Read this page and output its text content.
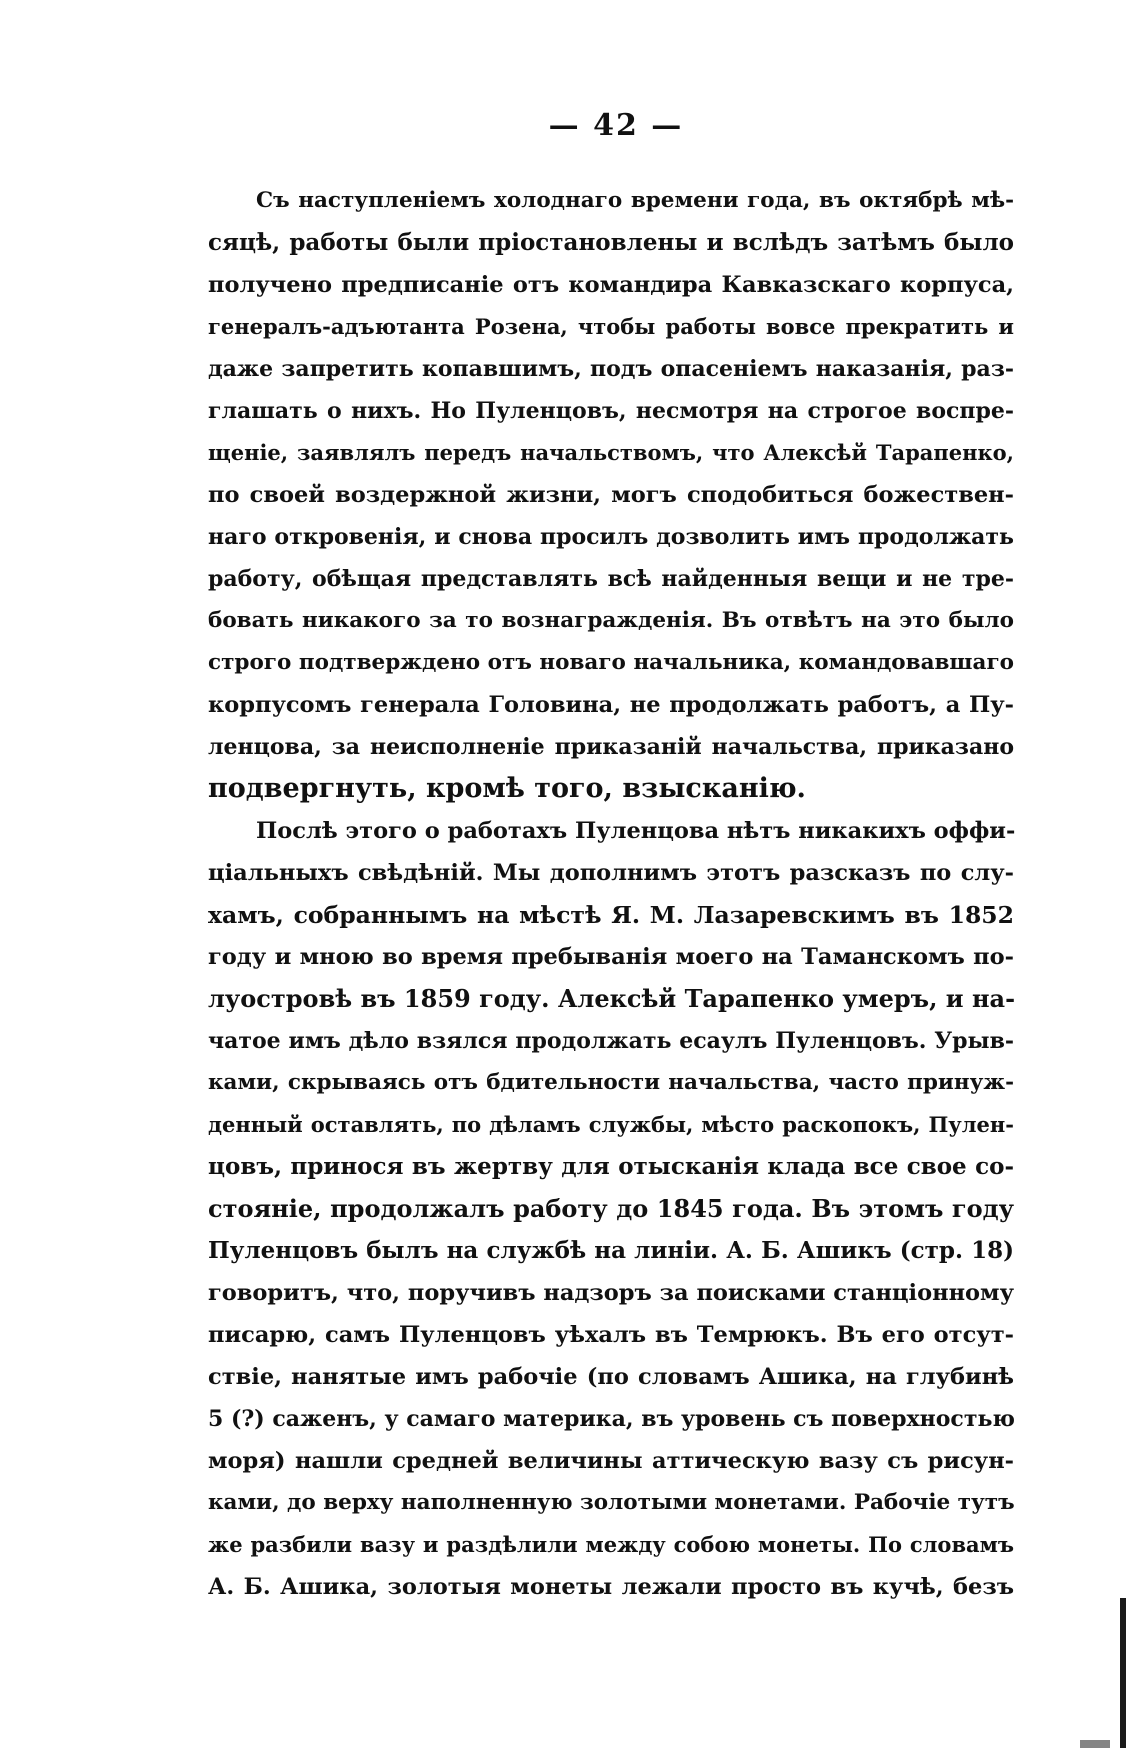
— 42 —
Съ наступленіемъ холоднаго времени года, въ октябрѣ мѣ-
сяцѣ, работы были пріостановлены и вслѣдъ затѣмъ было
получено предписаніе отъ командира Кавказскаго корпуса,
генералъ-адъютанта Розена, чтобы работы вовсе прекратить и
даже запретить копавшимъ, подъ опасеніемъ наказанія, раз-
глашать о нихъ. Но Пуленцовъ, несмотря на строгое воспре-
щеніе, заявлялъ передъ начальствомъ, что Алексѣй Тарапенко,
по своей воздержной жизни, могъ сподобиться божествен-
наго откровенія, и снова просилъ дозволить имъ продолжать
работу, обѣщая представлять всѣ найденныя вещи и не тре-
бовать никакого за то вознагражденія. Въ отвѣтъ на это было
строго подтверждено отъ новаго начальника, командовавшаго
корпусомъ генерала Головина, не продолжать работъ, а Пу-
ленцова, за неисполненіе приказаній начальства, приказано
подвергнуть, кромѣ того, взысканію.
Послѣ этого о работахъ Пуленцова нѣтъ никакихъ оффи-
ціальныхъ свѣдѣній. Мы дополнимъ этотъ разсказъ по слу-
хамъ, собраннымъ на мѣстѣ Я. М. Лазаревскимъ въ 1852
году и мною во время пребыванія моего на Таманскомъ по-
луостровѣ въ 1859 году. Алексѣй Тарапенко умеръ, и на-
чатое имъ дѣло взялся продолжать есаулъ Пуленцовъ. Урыв-
ками, скрываясь отъ бдительности начальства, часто принуж-
денный оставлять, по дѣламъ службы, мѣсто раскопокъ, Пулен-
цовъ, принося въ жертву для отысканія клада все свое со-
стояніе, продолжалъ работу до 1845 года. Въ этомъ году
Пуленцовъ былъ на службѣ на линіи. А. Б. Ашикъ (стр. 18)
говоритъ, что, поручивъ надзоръ за поисками станціонному
писарю, самъ Пуленцовъ уѣхалъ въ Темрюкъ. Въ его отсут-
ствіе, нанятые имъ рабочіе (по словамъ Ашика, на глубинѣ
5 (?) саженъ, у самаго материка, въ уровень съ поверхностью
моря) нашли средней величины аттическую вазу съ рисун-
ками, до верху наполненную золотыми монетами. Рабочіе тутъ
же разбили вазу и раздѣлили между собою монеты. По словамъ
А. Б. Ашика, золотыя монеты лежали просто въ кучѣ, безъ
